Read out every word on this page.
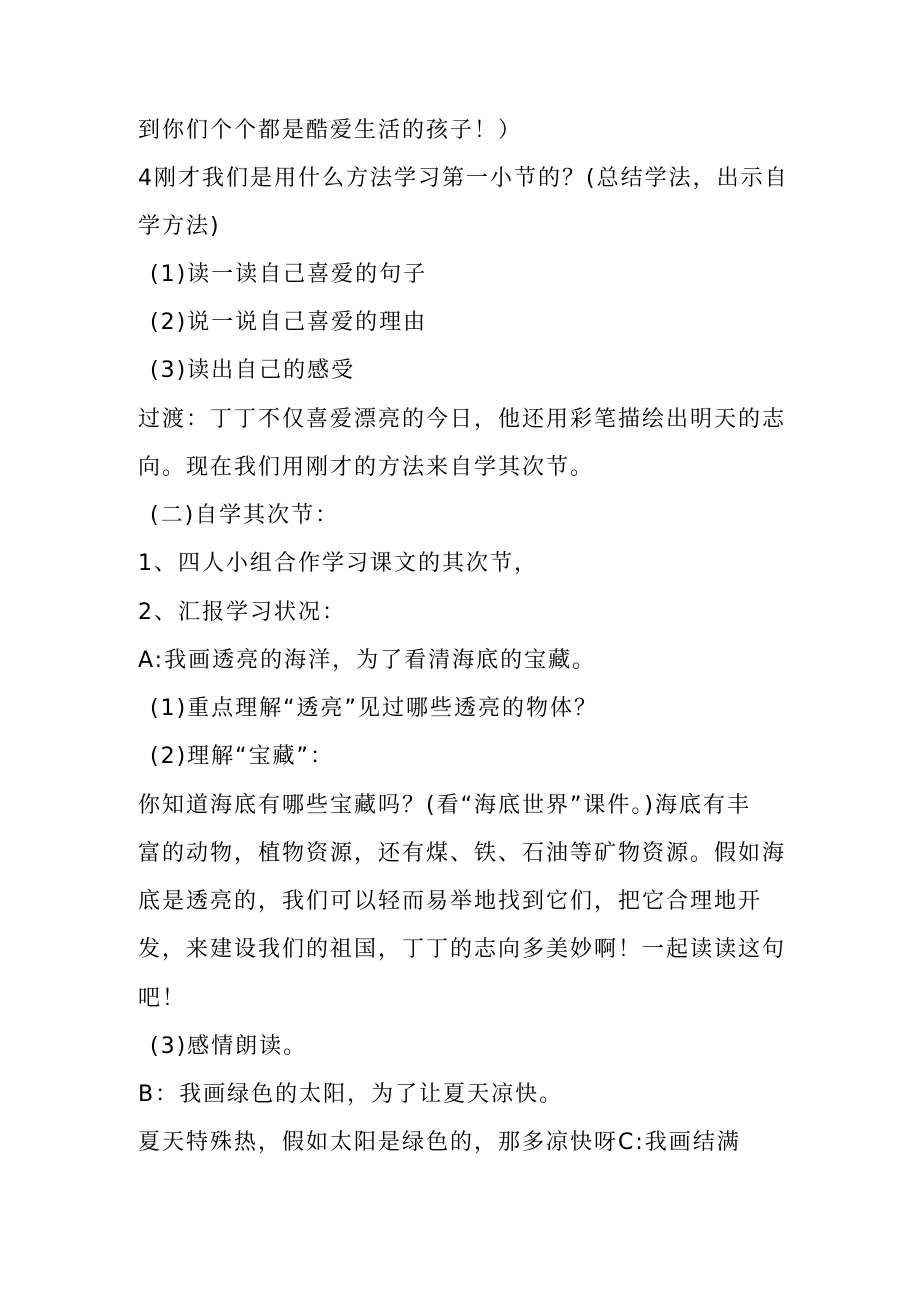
到你们个个都是酷爱生活的孩子！）
4刚才我们是用什么方法学习第一小节的？(总结学法，出示自
学方法)
(1)读一读自己喜爱的句子
(2)说一说自己喜爱的理由
(3)读出自己的感受
过渡：丁丁不仅喜爱漂亮的今日，他还用彩笔描绘出明天的志
向。现在我们用刚才的方法来自学其次节。
(二)自学其次节：
1、四人小组合作学习课文的其次节，
2、汇报学习状况：
A:我画透亮的海洋，为了看清海底的宝藏。
(1)重点理解“透亮”见过哪些透亮的物体？
(2)理解“宝藏”：
你知道海底有哪些宝藏吗？(看“海底世界”课件。)海底有丰
富的动物，植物资源，还有煤、铁、石油等矿物资源。假如海
底是透亮的，我们可以轻而易举地找到它们，把它合理地开
发，来建设我们的祖国，丁丁的志向多美妙啊！一起读读这句
吧！
(3)感情朗读。
B：我画绿色的太阳，为了让夏天凉快。
夏天特殊热，假如太阳是绿色的，那多凉快呀C:我画结满
